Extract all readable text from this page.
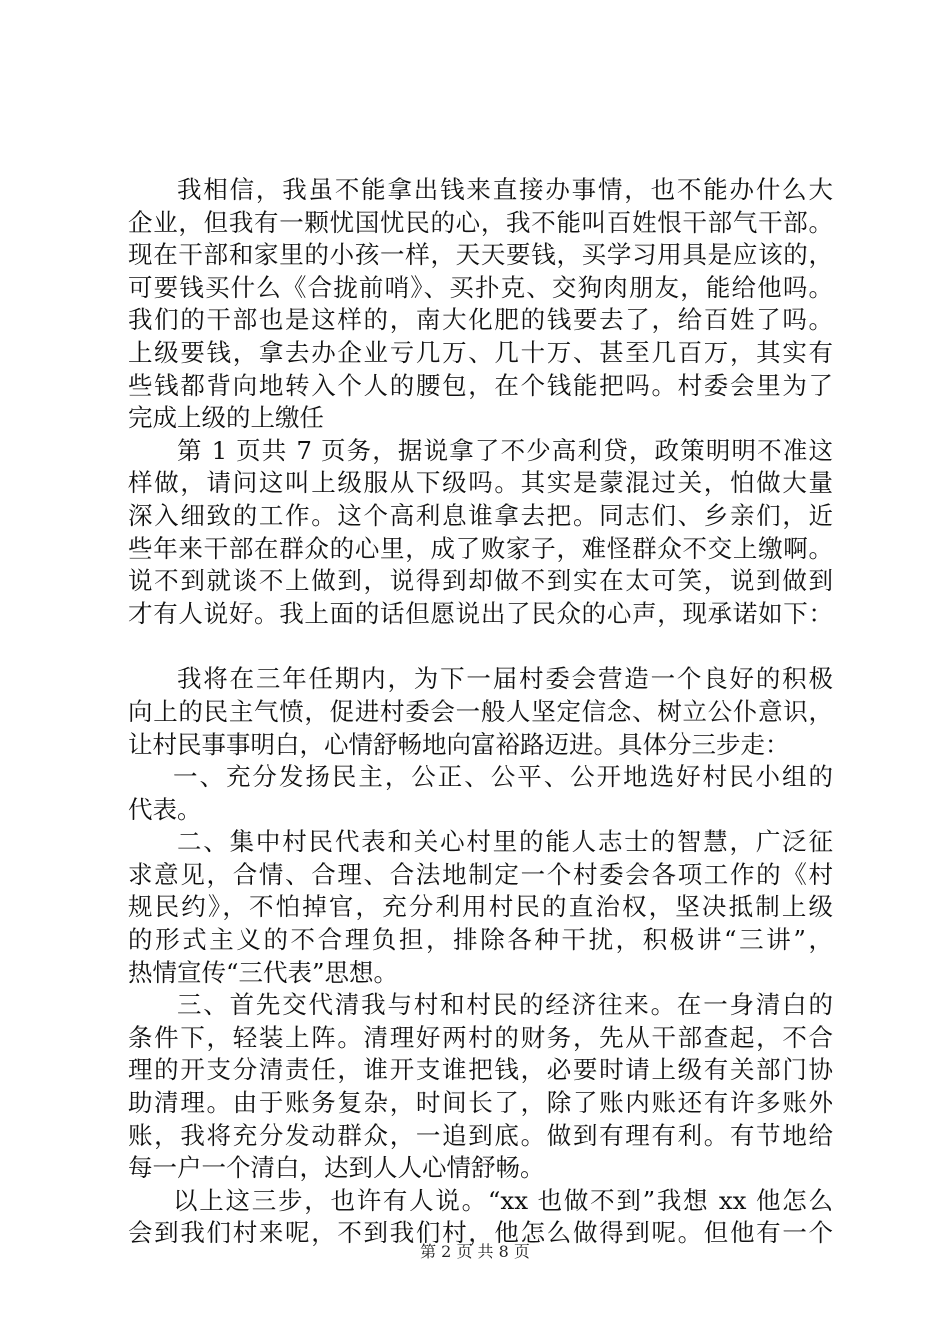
我相信，我虽不能拿出钱来直接办事情，也不能办什么大
企业，但我有一颗忧国忧民的心，我不能叫百姓恨干部气干部。
现在干部和家里的小孩一样，天天要钱，买学习用具是应该的，
可要钱买什么《合拢前哨》、买扑克、交狗肉朋友，能给他吗。
我们的干部也是这样的，南大化肥的钱要去了，给百姓了吗。
上级要钱，拿去办企业亏几万、几十万、甚至几百万，其实有
些钱都背向地转入个人的腰包，在个钱能把吗。村委会里为了
完成上级的上缴任
第 1 页共 7 页务，据说拿了不少高利贷，政策明明不准这
样做，请问这叫上级服从下级吗。其实是蒙混过关，怕做大量
深入细致的工作。这个高利息谁拿去把。同志们、乡亲们，近
些年来干部在群众的心里，成了败家子，难怪群众不交上缴啊。
说不到就谈不上做到，说得到却做不到实在太可笑，说到做到
才有人说好。我上面的话但愿说出了民众的心声，现承诺如下：
我将在三年任期内，为下一届村委会营造一个良好的积极
向上的民主气愤，促进村委会一般人坚定信念、树立公仆意识，
让村民事事明白，心情舒畅地向富裕路迈进。具体分三步走：
一、充分发扬民主，公正、公平、公开地选好村民小组的
代表。
二、集中村民代表和关心村里的能人志士的智慧，广泛征
求意见，合情、合理、合法地制定一个村委会各项工作的《村
规民约》，不怕掉官，充分利用村民的直治权，坚决抵制上级
的形式主义的不合理负担，排除各种干扰，积极讲“三讲”，
热情宣传“三代表”思想。
三、首先交代清我与村和村民的经济往来。在一身清白的
条件下，轻装上阵。清理好两村的财务，先从干部查起，不合
理的开支分清责任，谁开支谁把钱，必要时请上级有关部门协
助清理。由于账务复杂，时间长了，除了账内账还有许多账外
账，我将充分发动群众，一追到底。做到有理有利。有节地给
每一户一个清白，达到人人心情舒畅。
以上这三步，也许有人说。“xx 也做不到”我想 xx 他怎么
会到我们村来呢，不到我们村，他怎么做得到呢。但他有一个
第 2 页 共 8 页
